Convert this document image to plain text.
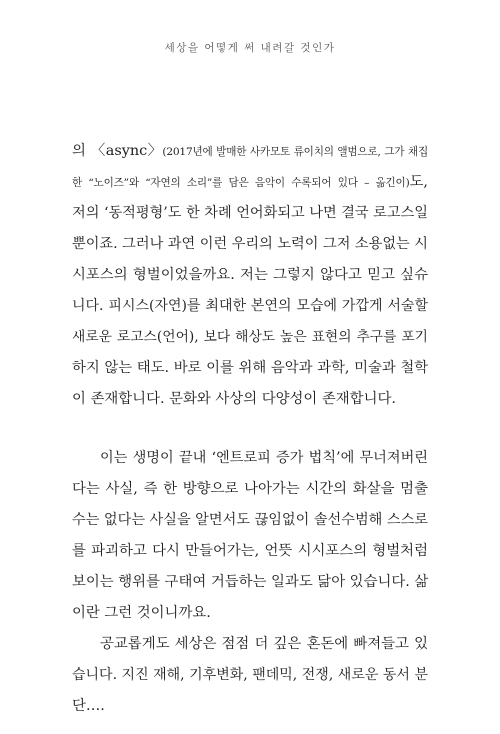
세상을 어떻게 써 내려갈 것인가
의 〈async〉(2017년에 발매한 사카모토 류이치의 앨범으로, 그가 채집
한 “노이즈”와 “자연의 소리”를 담은 음악이 수록되어 있다 – 옮긴이)도,
저의 ‘동적평형’도 한 차례 언어화되고 나면 결국 로고스일
뿐이죠. 그러나 과연 이런 우리의 노력이 그저 소용없는 시
시포스의 형벌이었을까요. 저는 그렇지 않다고 믿고 싶슈
니다. 피시스(자연)를 최대한 본연의 모습에 가깝게 서술할
새로운 로고스(언어), 보다 해상도 높은 표현의 추구를 포기
하지 않는 태도. 바로 이를 위해 음악과 과학, 미술과 철학
이 존재합니다. 문화와 사상의 다양성이 존재합니다.
이는 생명이 끝내 ‘엔트로피 증가 법칙’에 무너져버린
다는 사실, 즉 한 방향으로 나아가는 시간의 화살을 멈출
수는 없다는 사실을 알면서도 끊임없이 솔선수범해 스스로
를 파괴하고 다시 만들어가는, 언뜻 시시포스의 형벌처럼
보이는 행위를 구태여 거듭하는 일과도 닮아 있습니다. 삶
이란 그런 것이니까요.
공교롭게도 세상은 점점 더 깊은 혼돈에 빠져들고 있
습니다. 지진 재해, 기후변화, 팬데믹, 전쟁, 새로운 동서 분
단….
